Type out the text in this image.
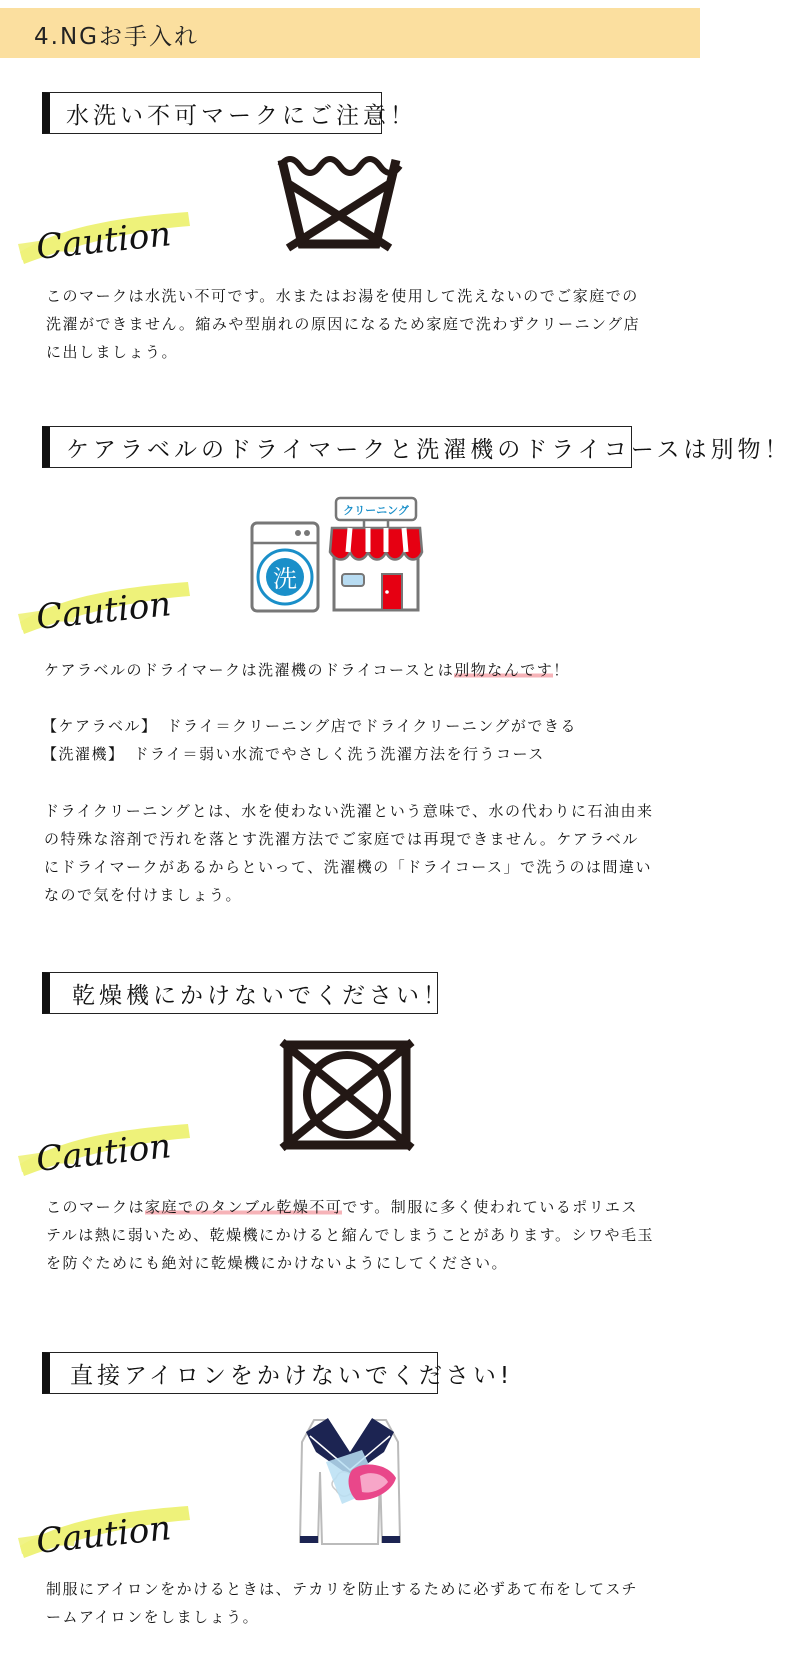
4.NGお手入れ
水洗い不可マークにご注意！
Caution
このマークは水洗い不可です。水またはお湯を使用して洗えないのでご家庭での洗濯ができません。縮みや型崩れの原因になるため家庭で洗わずクリーニング店に出しましょう。
ケアラベルのドライマークと洗濯機のドライコースは別物！
洗
クリーニング
Caution
ケアラベルのドライマークは洗濯機のドライコースとは別物なんです！
【ケアラベル】　ドライ＝クリーニング店でドライクリーニングができる
【洗濯機】　ドライ＝弱い水流でやさしく洗う洗濯方法を行うコース
ドライクリーニングとは、水を使わない洗濯という意味で、水の代わりに石油由来の特殊な溶剤で汚れを落とす洗濯方法でご家庭では再現できません。ケアラベルにドライマークがあるからといって、洗濯機の「ドライコース」で洗うのは間違いなので気を付けましょう。
乾燥機にかけないでください！
Caution
このマークは家庭でのタンブル乾燥不可です。制服に多く使われているポリエステルは熱に弱いため、乾燥機にかけると縮んでしまうことがあります。シワや毛玉を防ぐためにも絶対に乾燥機にかけないようにしてください。
直接アイロンをかけないでください!
Caution
制服にアイロンをかけるときは、テカリを防止するために必ずあて布をしてスチームアイロンをしましょう。
